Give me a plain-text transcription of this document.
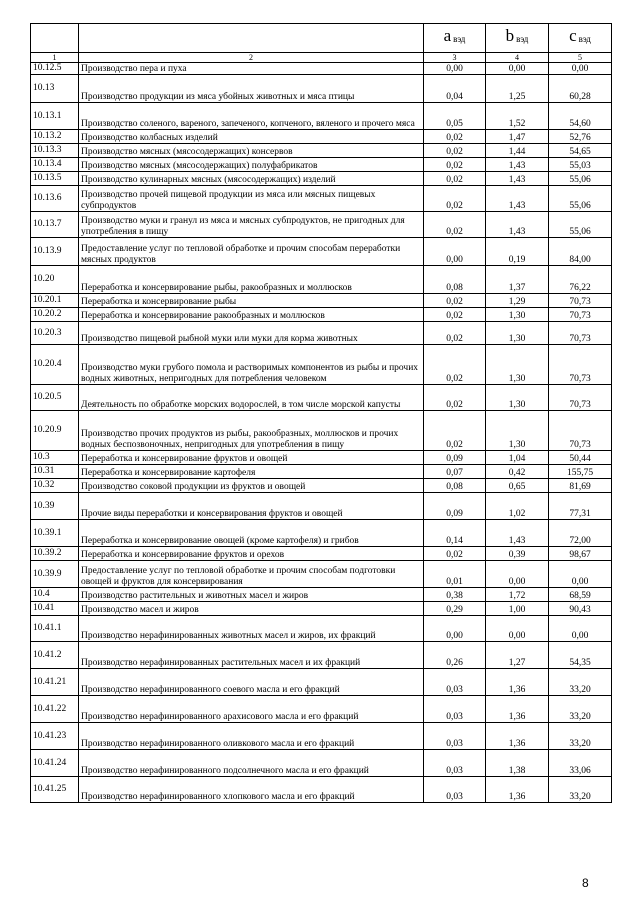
		a $_{вэд}$	b $_{вэд}$	c $_{вэд}$
1	2	3	4	5
10.12.5	Производство пера и пуха	0,00	0,00	0,00
10.13	Производство продукции из мяса убойных животных и мяса птицы	0,04	1,25	60,28
10.13.1	Производство соленого, вареного, запеченого, копченого, вяленого и прочего мяса	0,05	1,52	54,60
10.13.2	Производство колбасных изделий	0,02	1,47	52,76
10.13.3	Производство мясных (мясосодержащих) консервов	0,02	1,44	54,65
10.13.4	Производство мясных (мясосодержащих) полуфабрикатов	0,02	1,43	55,03
10.13.5	Производство кулинарных мясных (мясосодержащих) изделий	0,02	1,43	55,06
10.13.6	Производство прочей пищевой продукции из мяса или мясных пищевых субпродуктов	0,02	1,43	55,06
10.13.7	Производство муки и гранул из мяса и мясных субпродуктов, не пригодных для употребления в пищу	0,02	1,43	55,06
10.13.9	Предоставление услуг по тепловой обработке и прочим способам переработки мясных продуктов	0,00	0,19	84,00
10.20	Переработка и консервирование рыбы, ракообразных и моллюсков	0,08	1,37	76,22
10.20.1	Переработка и консервирование рыбы	0,02	1,29	70,73
10.20.2	Переработка и консервирование ракообразных и моллюсков	0,02	1,30	70,73
10.20.3	Производство пищевой рыбной муки или муки для корма животных	0,02	1,30	70,73
10.20.4	Производство муки грубого помола и растворимых компонентов из рыбы и прочих водных животных, непригодных для потребления человеком	0,02	1,30	70,73
10.20.5	Деятельность по обработке морских водорослей, в том числе морской капусты	0,02	1,30	70,73
10.20.9	Производство прочих продуктов из рыбы, ракообразных, моллюсков и прочих водных беспозвоночных, непригодных для употребления в пищу	0,02	1,30	70,73
10.3	Переработка и консервирование фруктов и овощей	0,09	1,04	50,44
10.31	Переработка и консервирование картофеля	0,07	0,42	155,75
10.32	Производство соковой продукции из фруктов и овощей	0,08	0,65	81,69
10.39	Прочие виды переработки и консервирования фруктов и овощей	0,09	1,02	77,31
10.39.1	Переработка и консервирование овощей (кроме картофеля) и грибов	0,14	1,43	72,00
10.39.2	Переработка и консервирование фруктов и орехов	0,02	0,39	98,67
10.39.9	Предоставление услуг по тепловой обработке и прочим способам подготовки овощей и фруктов для консервирования	0,01	0,00	0,00
10.4	Производство растительных и животных масел и жиров	0,38	1,72	68,59
10.41	Производство масел и жиров	0,29	1,00	90,43
10.41.1	Производство нерафинированных животных масел и жиров, их фракций	0,00	0,00	0,00
10.41.2	Производство нерафинированных растительных масел и их фракций	0,26	1,27	54,35
10.41.21	Производство нерафинированного соевого масла и его фракций	0,03	1,36	33,20
10.41.22	Производство нерафинированного арахисового масла и его фракций	0,03	1,36	33,20
10.41.23	Производство нерафинированного оливкового масла и его фракций	0,03	1,36	33,20
10.41.24	Производство нерафинированного подсолнечного масла и его фракций	0,03	1,38	33,06
10.41.25	Производство нерафинированного хлопкового масла и его фракций	0,03	1,36	33,20
8
